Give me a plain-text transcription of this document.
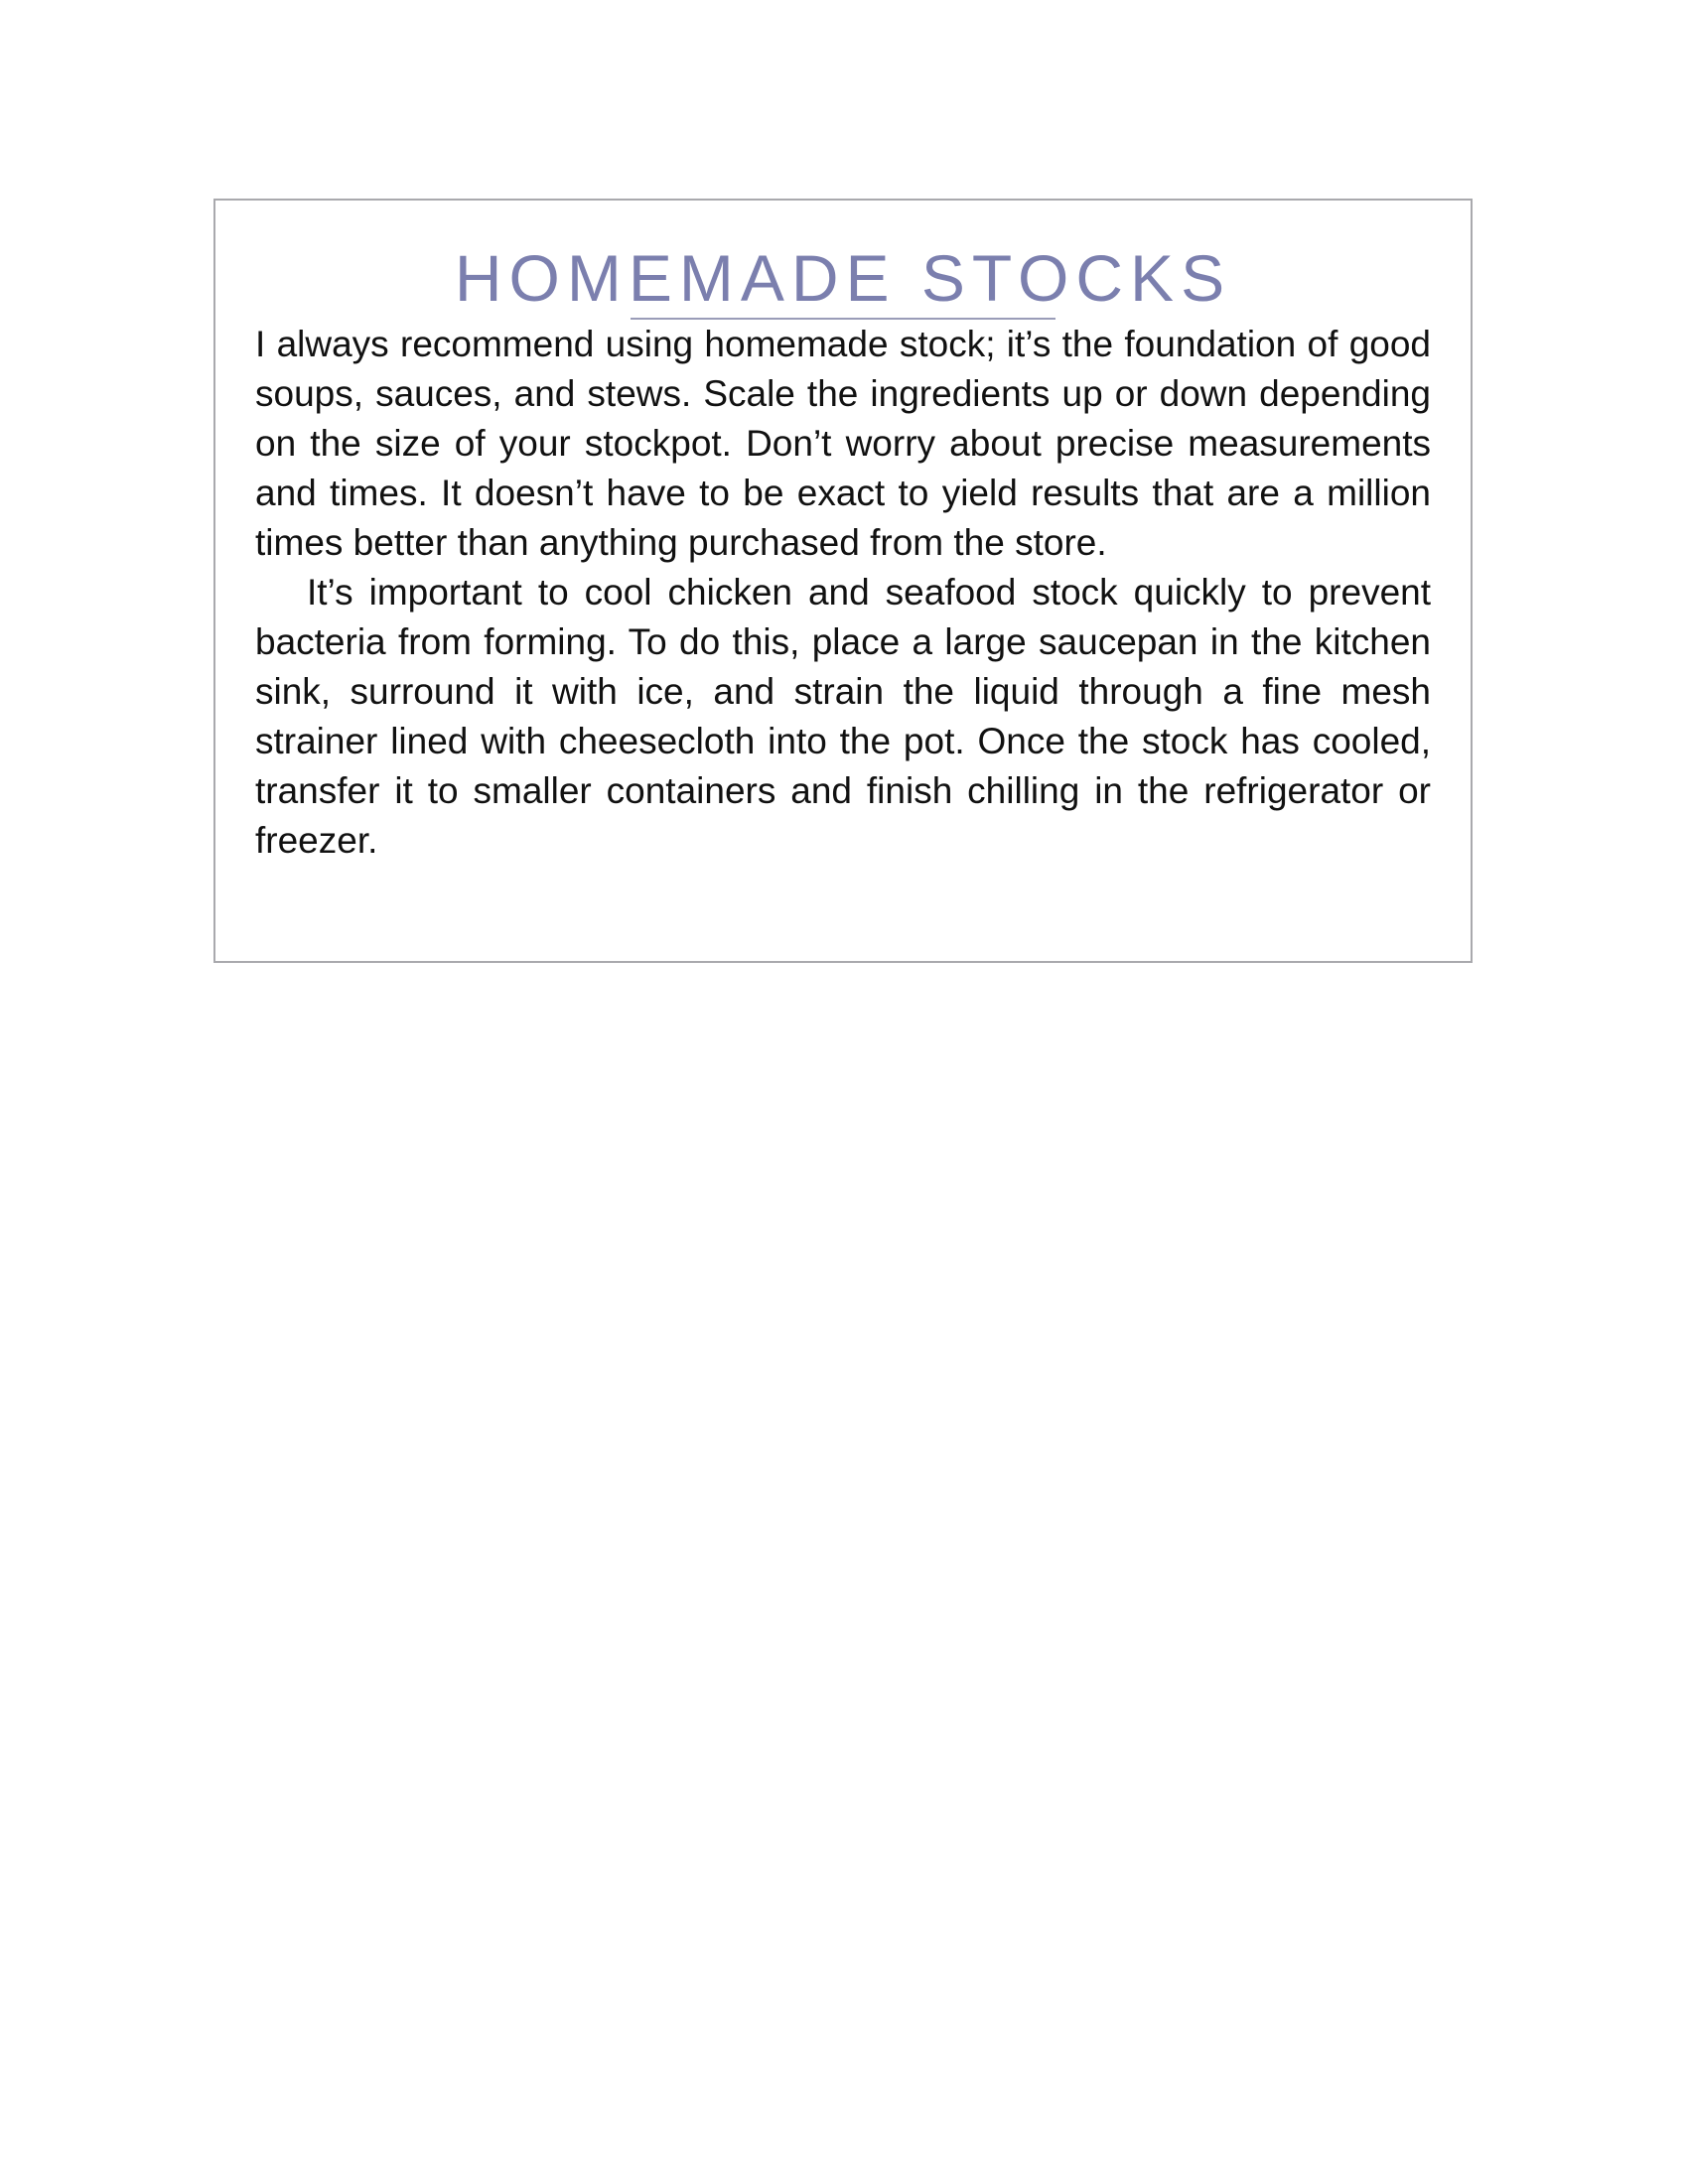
HOMEMADE STOCKS

I always recommend using homemade stock; it’s the foundation of good soups, sauces, and stews. Scale the ingredients up or down depending on the size of your stockpot. Don’t worry about precise measurements and times. It doesn’t have to be exact to yield results that are a million times better than anything purchased from the store.

It’s important to cool chicken and seafood stock quickly to prevent bacteria from forming. To do this, place a large saucepan in the kitchen sink, surround it with ice, and strain the liquid through a fine mesh strainer lined with cheesecloth into the pot. Once the stock has cooled, transfer it to smaller containers and finish chilling in the refrigerator or freezer.
